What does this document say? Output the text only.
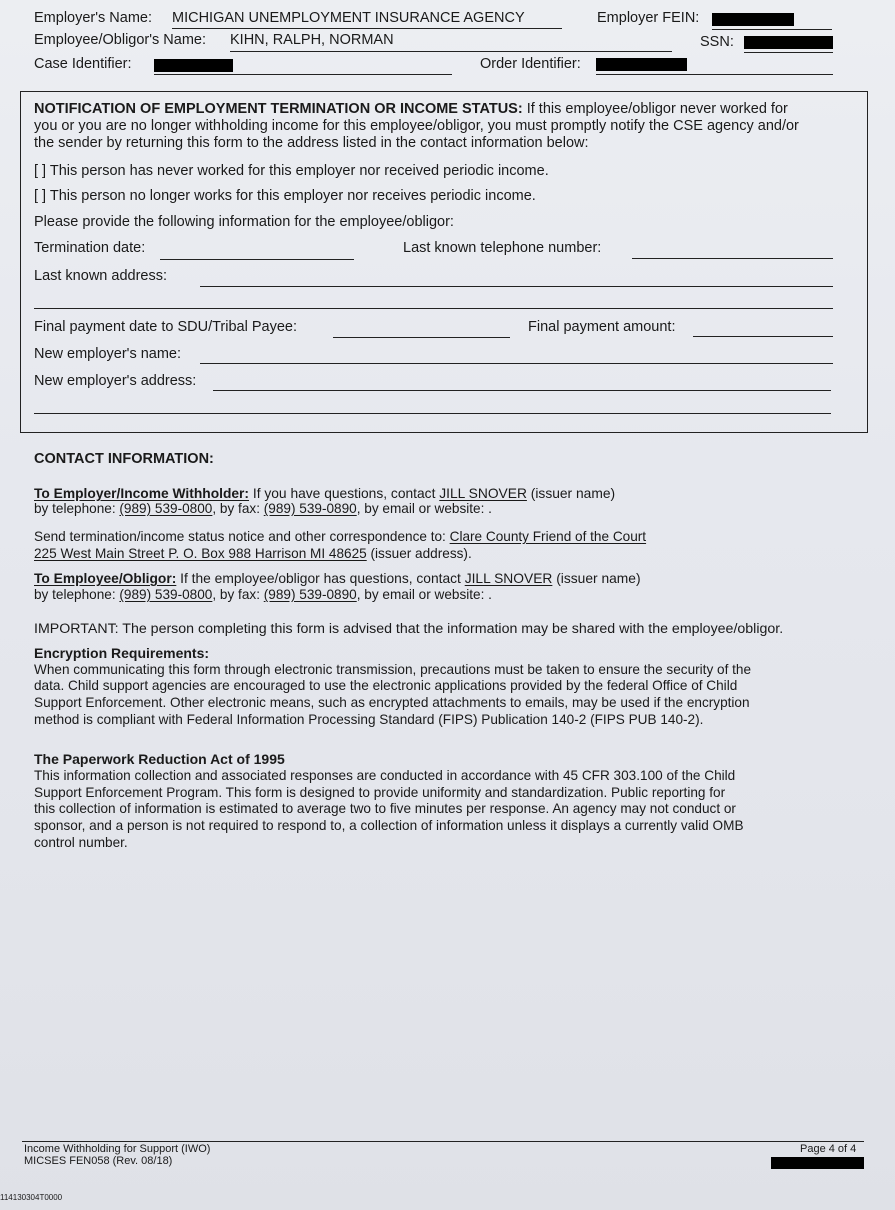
Employer's Name: MICHIGAN UNEMPLOYMENT INSURANCE AGENCY	Employer FEIN:
Employee/Obligor's Name: KIHN, RALPH, NORMAN	SSN:
Case Identifier:	Order Identifier:
NOTIFICATION OF EMPLOYMENT TERMINATION OR INCOME STATUS: If this employee/obligor never worked for
you or you are no longer withholding income for this employee/obligor, you must promptly notify the CSE agency and/or
the sender by returning this form to the address listed in the contact information below:
[ ] This person has never worked for this employer nor received periodic income.
[ ] This person no longer works for this employer nor receives periodic income.
Please provide the following information for the employee/obligor:
Termination date:	Last known telephone number:
Last known address:
Final payment date to SDU/Tribal Payee:	Final payment amount:
New employer's name:
New employer's address:
CONTACT INFORMATION:
To Employer/Income Withholder: If you have questions, contact JILL SNOVER (issuer name)
by telephone: (989) 539-0800, by fax: (989) 539-0890, by email or website: .
Send termination/income status notice and other correspondence to: Clare County Friend of the Court
225 West Main Street P. O. Box 988 Harrison MI 48625 (issuer address).
To Employee/Obligor: If the employee/obligor has questions, contact JILL SNOVER (issuer name)
by telephone: (989) 539-0800, by fax: (989) 539-0890, by email or website: .
IMPORTANT: The person completing this form is advised that the information may be shared with the employee/obligor.
Encryption Requirements:
When communicating this form through electronic transmission, precautions must be taken to ensure the security of the
data. Child support agencies are encouraged to use the electronic applications provided by the federal Office of Child
Support Enforcement. Other electronic means, such as encrypted attachments to emails, may be used if the encryption
method is compliant with Federal Information Processing Standard (FIPS) Publication 140-2 (FIPS PUB 140-2).
The Paperwork Reduction Act of 1995
This information collection and associated responses are conducted in accordance with 45 CFR 303.100 of the Child
Support Enforcement Program. This form is designed to provide uniformity and standardization. Public reporting for
this collection of information is estimated to average two to five minutes per response. An agency may not conduct or
sponsor, and a person is not required to respond to, a collection of information unless it displays a currently valid OMB
control number.
Income Withholding for Support (IWO)
MICSES FEN058 (Rev. 08/18)
Page 4 of 4
114130304T0000
